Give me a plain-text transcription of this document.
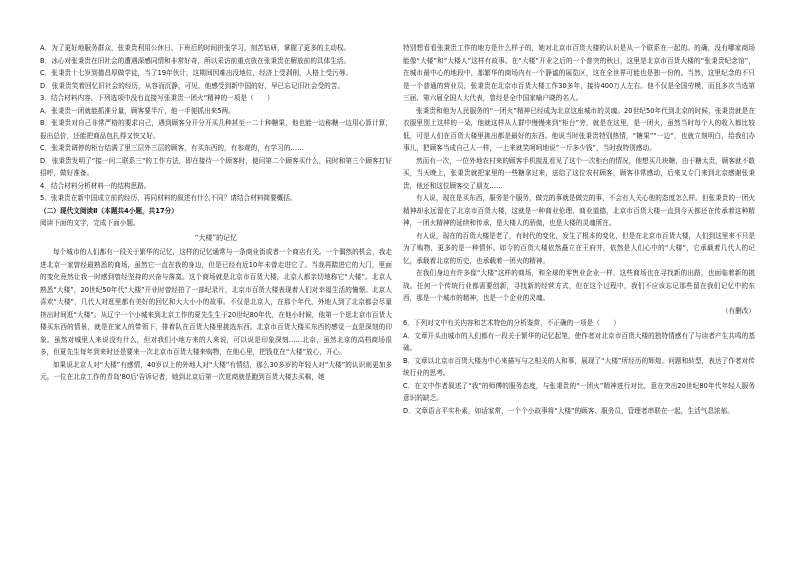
A．为了更好地服务群众，张秉贵利用公休日、下班后的时间拼张学习，刻苦钻研，掌握了更多的主动权。

B．冰心对张秉贵在旧社会的遭遇深感同情和非常好奇，所以采访前重点放在张秉贵在解放前的具体生活。

C．张秉贵十七岁到德昌厚做学徒，当了19年伙计，这期间因难出没地位，经济上受剥削，人格上受污辱。

D．张秉贵笑着回忆旧社会的经历，从容而沉静，可见，他感受到新中国的好，早已忘记旧社会受的苦。

3．结合材料内容，下列选项中没有直接写张秉贵一团火“精神的一项是（　　）

A．张秉贵一团就能抓准分量，顾客要半斤，他一手便抓出来5两。

B．张秉贵对自己非常严格的要求自己，遇到顾客分开分开买几种甚至一二十种糖果，他也能一边称糖一边用心算计算，报出总价，还能把商品包扎得又快又好。

C．张秉贵调停的柜台结满了里三层外三层的顾客，有买东西的，有参观的，有学习的……

D．张秉贵发明了“接一问二联系三”的工作方法，即在接待一个顾客时，便问第二个顾客买什么，同时和第三个顾客打好招呼，做好准备。

4．结合材料分析材料一的结构思路。

5．张秉贵在新中国成立前的经历，再同材料的叙述有什么不同？请结合材料简要概括。

（二）现代文阅读Ⅱ（本题共4小题，共17分）

阅读下面的文字，完成下面小题。

“大楼”的记忆

每个城市的人们都有一段关于繁华的记忆，这样的记忆通常与一条商业街或者一个商店有关。一个偶然的机会，我走进北京一家曾经最熟悉的商场，虽然它一直在我的身边，但是已经有近10年未曾走进它了。当我再踏进它的大门，里面的变化竟然让我一时感到曾经坚持的兴奋与落寞。这个商场就是北京市百货大楼，北京人都亲切地称它“大楼”。北京人熟悉“大楼”，20世纪50年代“大楼”开业时曾经拍了一部纪录片，北京市百货大楼表现着人们对幸福生活的憧憬。北京人喜欢“大楼”，几代人对逛里都有美好的回忆和大大小小的故事。不仅是北京人，在那个年代，外地人到了北京都会尽量挤出时间逛“大楼”。从辽宁一个小城来到北京工作的夏先生生于20世纪80年代，在他小时候，他第一个逛北京市百货大楼买东西的情景，就是在家人的带领下，排着队在百货大楼里挑选东西。北京市百货大楼买东西的感觉一直是深刻的印象。虽然对城里人来说没有什么，但对我们小地方来的人来说，可以说是印象深刻……北京，虽然北京的高档商场很多，但夏先生每年到来时还是要来一次北京市百货大楼来购物，在他心里，把钱花在“大楼”放心，开心。

如果说北京人对“大楼”有感情，40岁以上的外地人对“大楼”有情结，那么30多岁的年轻人对“大楼”的认识则更加多元。一位在北京工作的青岛'80后'告诉记者，她到北京后第一次逛商就是跑到百货大楼去买棉，她

特别想看看张秉贵工作的地方是什么样子的，她对北京市百货大楼的认识是从一个联系在一起的。的确，没有哪家商场能像“大楼”和“大楼人”这样有故事。在“大楼”开业之后的一个普突的秋日，这里是北京市百货大楼的“张秉贵纪念馆”，在城市最中心的地段中，那繁华的商场内有一个静谧的展览区，这在全世界可能也是独一份的。当然，这里纪念的不只是一个普通的营业员，张秉贵在北京市百货大楼工作30多年，接待400万人左右。他不仅是全国劳模，而且多次当选第三届、第六届全国人大代表，曾经是全中国家喻户晓的名人。

张秉贵和他为人民服务的“一团火”精神已经成为北京这座城市的灵魂。20世纪50年代到北京的时候，张秉贵就是在衣服里别上这样的一朵，他就这样从人群中慢慢来到“柜台”旁，就是在这里，是一团火，虽然当时每个人的收入都比较低，可是人们在百货大楼里挑出都是最好的东西。他说当时张秉贵特别热情，“糖果”“一边”，也就立刻明白，给我们办事儿，把顾客当成自己人一样，一上来就笑呵呵地说“一斤多少钱”，当时我特别感动。

然而有一次，一位外地农村来的顾客手机搅乱看见了这个一次柜台的情况，他想买几块糖，由于糖太贵，顾客就不敢买，当天晚上，张秉贵就把家里的一些糖拿过来，送给了这位农村顾客，顾客非常感动，后来又专门来到北京感谢张秉贵，他还和这位顾客交了朋友……

有人说，现在是买东西，服务是个服务，做完的事就是做完的事，不会有人关心他的态度怎么样。但张秉贵的一团火精神却永远留在了北京市百货大楼，这就是一种商业伦理、商业道德，北京市百货大楼一直到今天都还在传承着这种精神，一团火精神的延续和传承，是大楼人的骄傲，也是大楼的灵魂所在。

有人说，现在的百货大楼是老了，有时代的变化，发生了根本的变化，但是在北京市百货大楼，人们到这里来不只是为了购物，更多的是一种情怀。如今的百货大楼依然矗立在王府井，依然是人们心中的“大楼”，它承载着几代人的记忆，承载着北京的历史，也承载着一团火的精神。

在我们身边有许多像“大楼”这样的商场，和全球的零售业企业一样，这些商场也在寻找新的出路，也面临着新的挑战。任何一个传统行业都需要创新，寻找新的经营方式，但在这个过程中，我们不应该忘记那些留在我们记忆中的东西，那是一个城市的精神，也是一个企业的灵魂。

（有删改）

6．下列对文中有关内容和艺术特色的分析鉴赏，不正确的一项是（　　）

A．文章开头由城市的人们都有一段关于繁华的记忆起笔，使作者对北京市百货大楼的独特情感有了与读者产生共鸣的基础。

B．文章以北京市百货大楼为中心来描写与之相关的人和事，展现了“大楼”所经历的辉煌、问题和转型，表达了作者对传统行业的思考。

C．在文中作者叙述了“我”的师傅的服务态度，与张秉贵的“一团火”精神进行对比，意在突出20世纪80年代年轻人服务意识的缺乏。

D．文章语言平实朴素，如话家常，一个个小故事将“大楼”的顾客、服务员，管理者串联在一起，生活气息浓郁。
